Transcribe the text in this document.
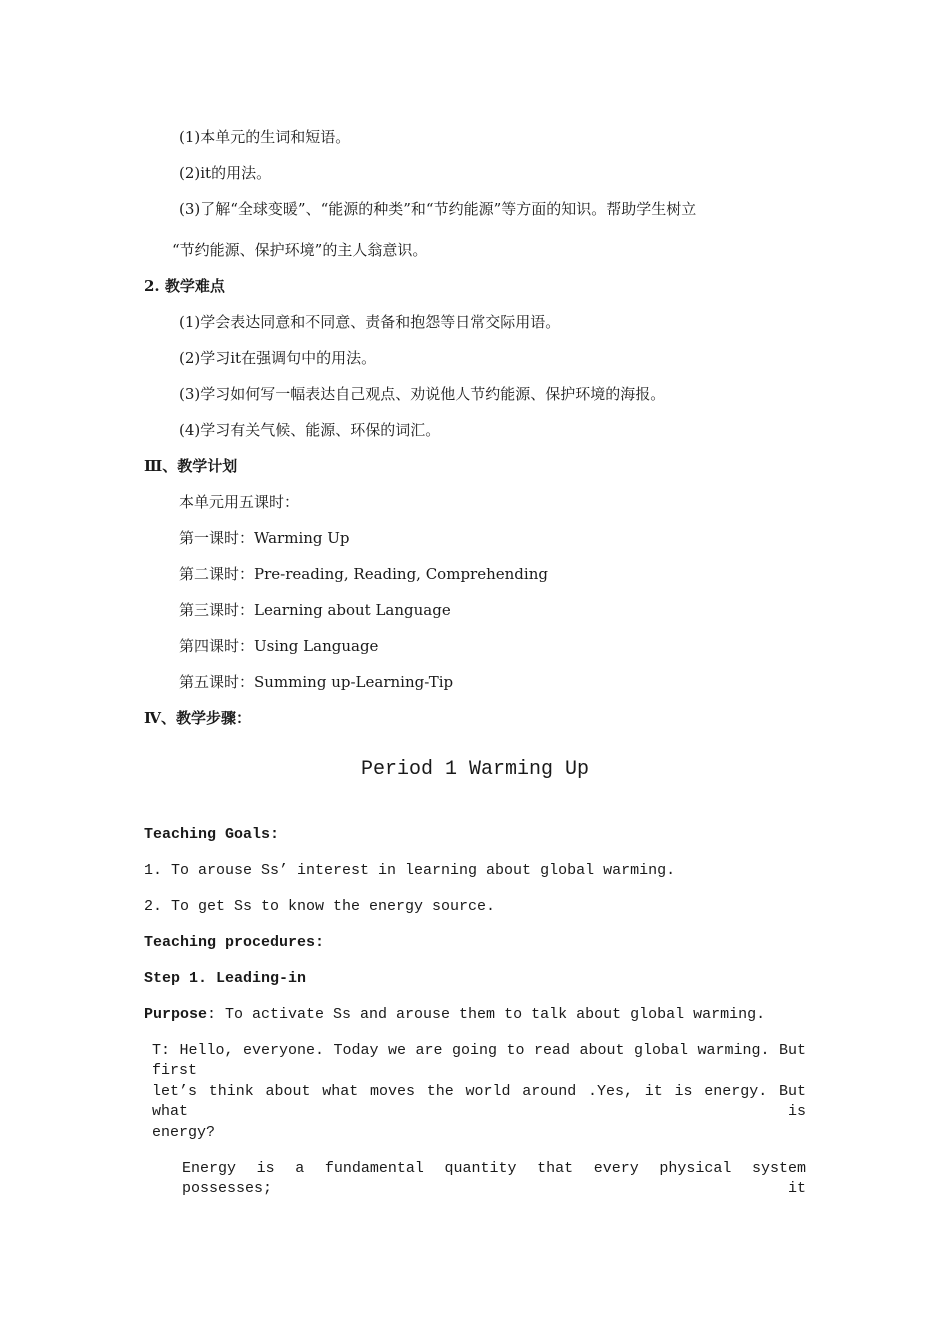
(1)本单元的生词和短语。
(2)it的用法。
(3)了解“全球变暖”、“能源的种类”和“节约能源”等方面的知识。帮助学生树立
“节约能源、保护环境”的主人翁意识。
2. 教学难点
(1)学会表达同意和不同意、责备和抱怨等日常交际用语。
(2)学习it在强调句中的用法。
(3)学习如何写一幅表达自己观点、劝说他人节约能源、保护环境的海报。
(4)学习有关气候、能源、环保的词汇。
Ⅲ、教学计划
本单元用五课时：
第一课时：Warming Up
第二课时：Pre-reading, Reading, Comprehending
第三课时：Learning about Language
第四课时：Using Language
第五课时：Summing up-Learning-Tip
Ⅳ、教学步骤：
Period 1 Warming Up
Teaching Goals:
1. To arouse Ss’ interest in learning about global warming.
2. To get Ss to know the energy source.
Teaching procedures:
Step 1. Leading-in
Purpose: To activate Ss and arouse them to talk about global warming.
T: Hello, everyone. Today we are going to read about global warming. But first
let’s think about what moves the world around .Yes, it is energy. But what is
energy?
Energy is a fundamental quantity that every physical system possesses; it
